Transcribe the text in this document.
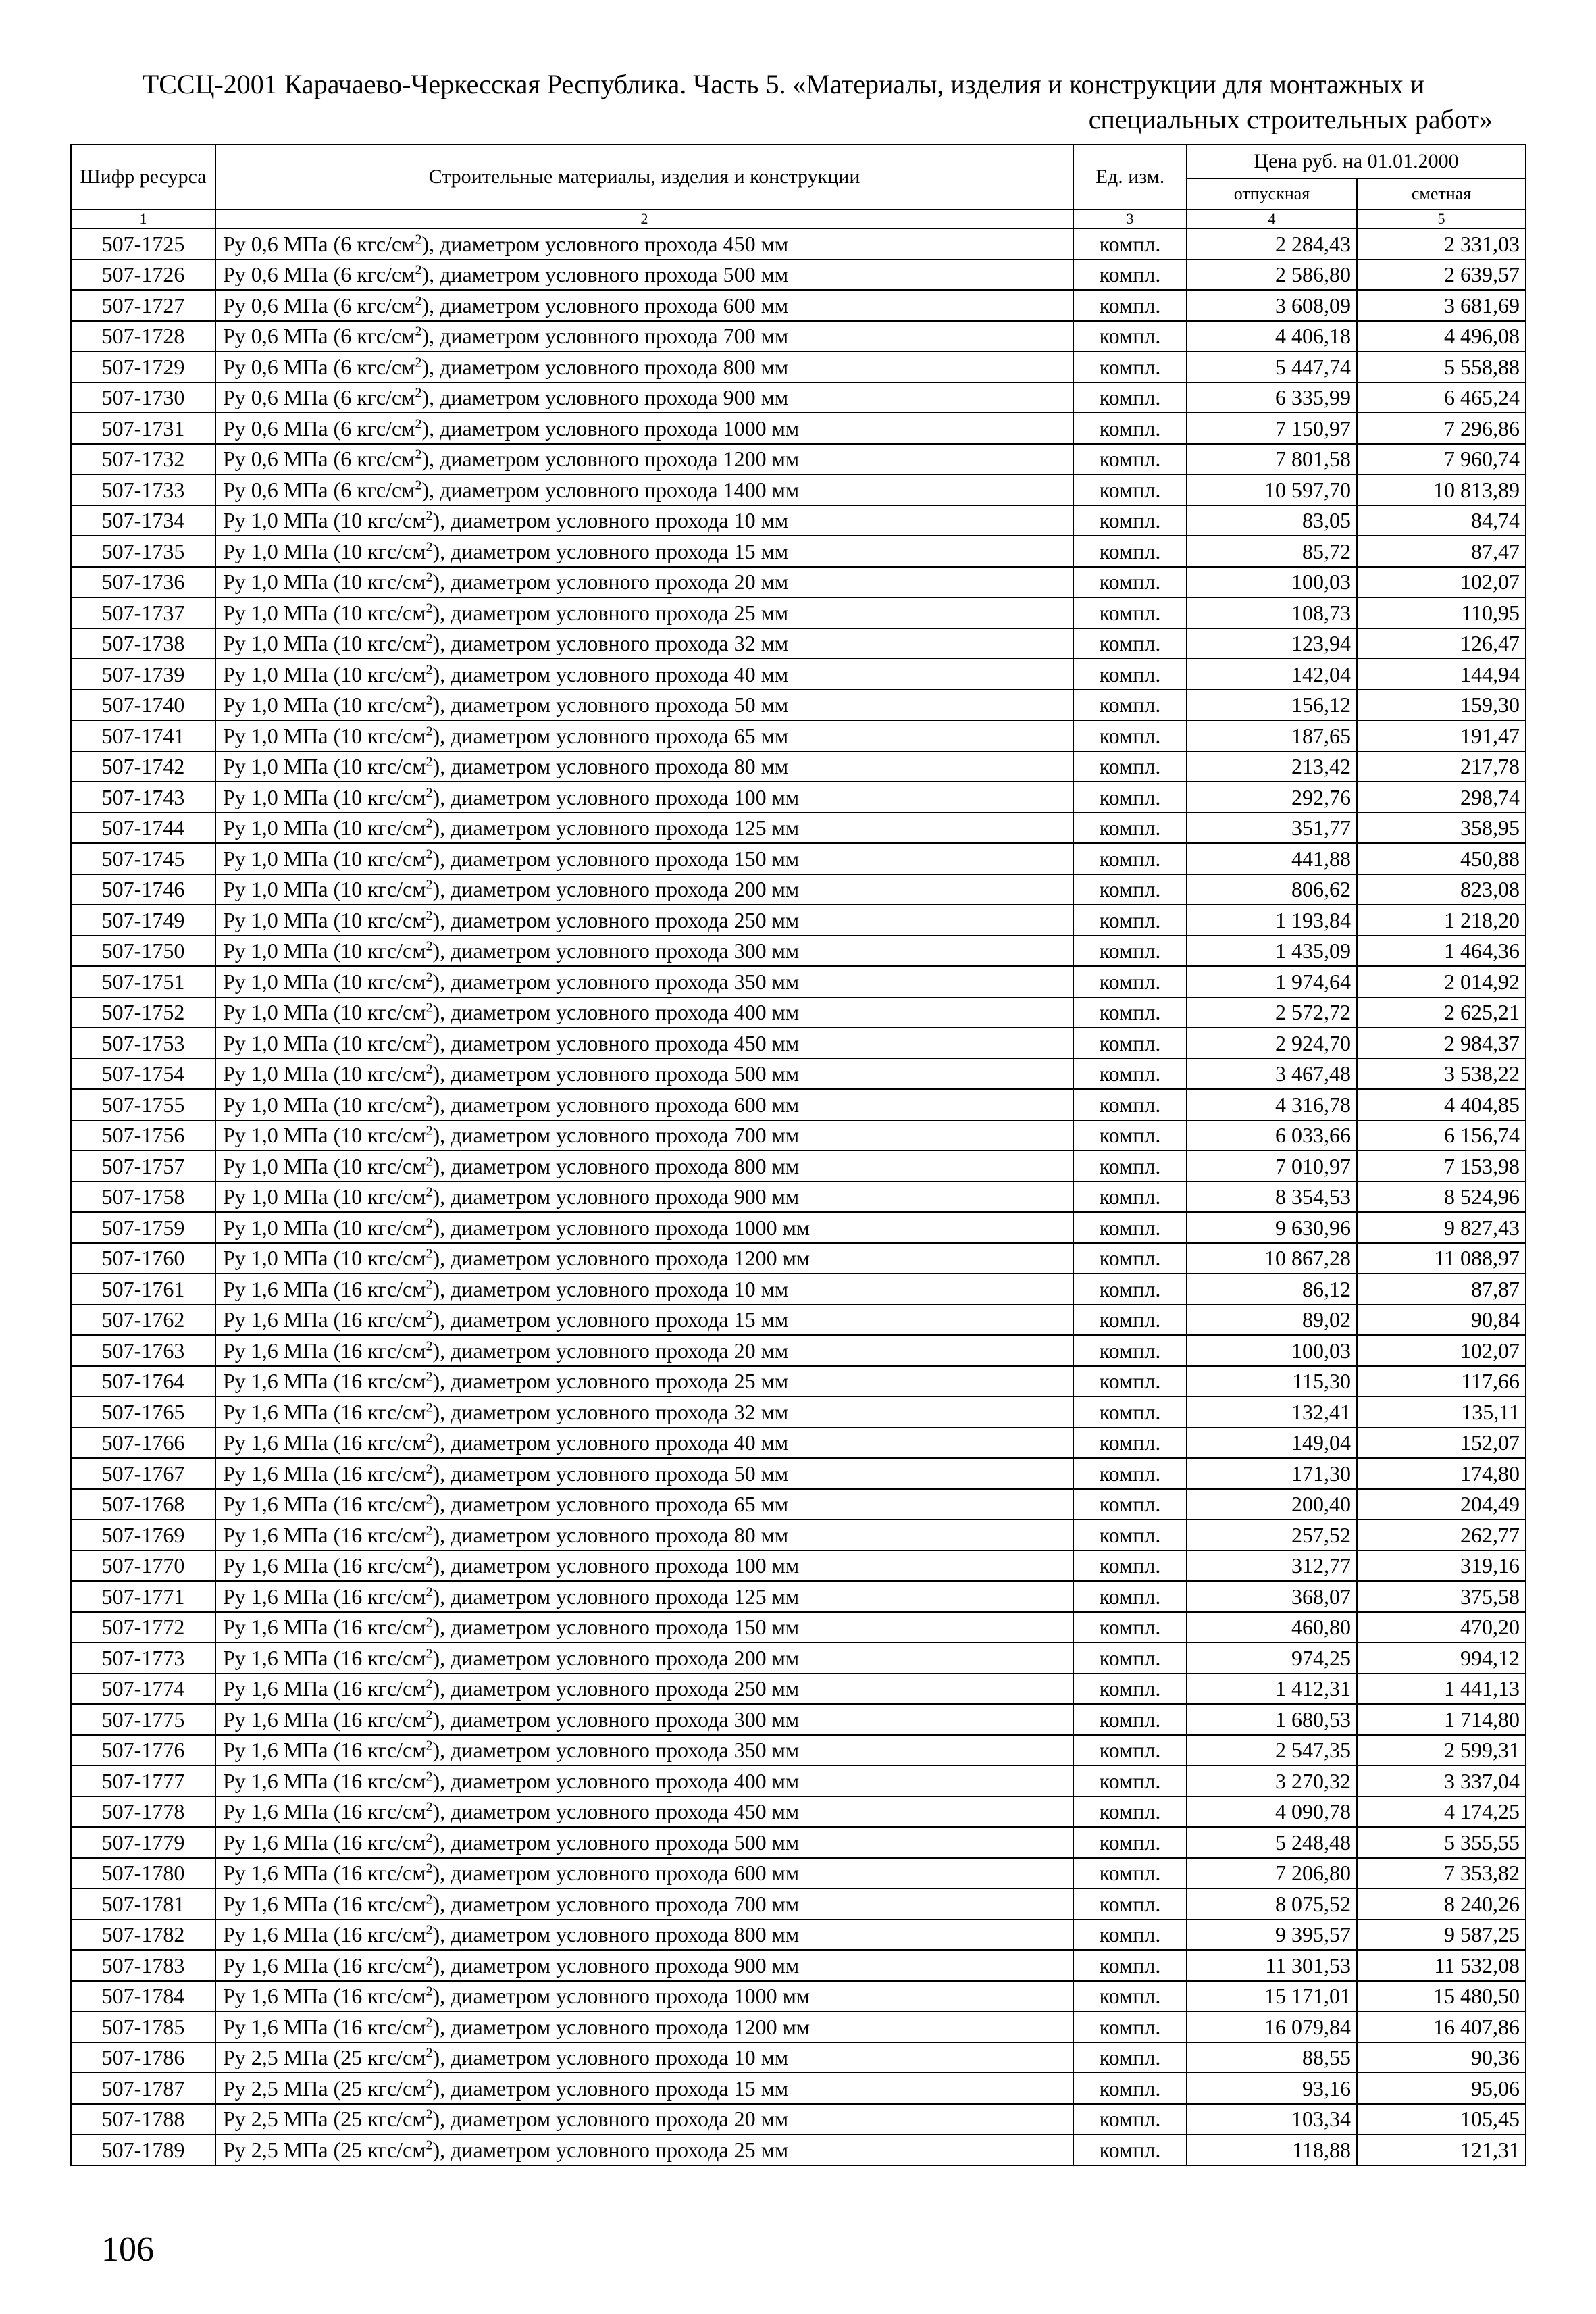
ТССЦ-2001 Карачаево-Черкесская Республика. Часть 5. «Материалы, изделия и конструкции для монтажных и
специальных строительных работ»
Шифр ресурса	Строительные материалы, изделия и конструкции	Ед. изм.	Цена руб. на 01.01.2000	
			отпускная	сметная
1	2	3	4	5
507-1725	Ру 0,6 МПа (6 кгс/$см^2$), диаметром условного прохода 450 мм	компл.	2 284,43	2 331,03
507-1726	Ру 0,6 МПа (6 кгс/$см^2$), диаметром условного прохода 500 мм	компл.	2 586,80	2 639,57
507-1727	Ру 0,6 МПа (6 кгс/$см^2$), диаметром условного прохода 600 мм	компл.	3 608,09	3 681,69
507-1728	Ру 0,6 МПа (6 кгс/$см^2$), диаметром условного прохода 700 мм	компл.	4 406,18	4 496,08
507-1729	Ру 0,6 МПа (6 кгс/$см^2$), диаметром условного прохода 800 мм	компл.	5 447,74	5 558,88
507-1730	Ру 0,6 МПа (6 кгс/$см^2$), диаметром условного прохода 900 мм	компл.	6 335,99	6 465,24
507-1731	Ру 0,6 МПа (6 кгс/$см^2$), диаметром условного прохода 1000 мм	компл.	7 150,97	7 296,86
507-1732	Ру 0,6 МПа (6 кгс/$см^2$), диаметром условного прохода 1200 мм	компл.	7 801,58	7 960,74
507-1733	Ру 0,6 МПа (6 кгс/$см^2$), диаметром условного прохода 1400 мм	компл.	10 597,70	10 813,89
507-1734	Ру 1,0 МПа (10 кгс/$см^2$), диаметром условного прохода 10 мм	компл.	83,05	84,74
507-1735	Ру 1,0 МПа (10 кгс/$см^2$), диаметром условного прохода 15 мм	компл.	85,72	87,47
507-1736	Ру 1,0 МПа (10 кгс/$см^2$), диаметром условного прохода 20 мм	компл.	100,03	102,07
507-1737	Ру 1,0 МПа (10 кгс/$см^2$), диаметром условного прохода 25 мм	компл.	108,73	110,95
507-1738	Ру 1,0 МПа (10 кгс/$см^2$), диаметром условного прохода 32 мм	компл.	123,94	126,47
507-1739	Ру 1,0 МПа (10 кгс/$см^2$), диаметром условного прохода 40 мм	компл.	142,04	144,94
507-1740	Ру 1,0 МПа (10 кгс/$см^2$), диаметром условного прохода 50 мм	компл.	156,12	159,30
507-1741	Ру 1,0 МПа (10 кгс/$см^2$), диаметром условного прохода 65 мм	компл.	187,65	191,47
507-1742	Ру 1,0 МПа (10 кгс/$см^2$), диаметром условного прохода 80 мм	компл.	213,42	217,78
507-1743	Ру 1,0 МПа (10 кгс/$см^2$), диаметром условного прохода 100 мм	компл.	292,76	298,74
507-1744	Ру 1,0 МПа (10 кгс/$см^2$), диаметром условного прохода 125 мм	компл.	351,77	358,95
507-1745	Ру 1,0 МПа (10 кгс/$см^2$), диаметром условного прохода 150 мм	компл.	441,88	450,88
507-1746	Ру 1,0 МПа (10 кгс/$см^2$), диаметром условного прохода 200 мм	компл.	806,62	823,08
507-1749	Ру 1,0 МПа (10 кгс/$см^2$), диаметром условного прохода 250 мм	компл.	1 193,84	1 218,20
507-1750	Ру 1,0 МПа (10 кгс/$см^2$), диаметром условного прохода 300 мм	компл.	1 435,09	1 464,36
507-1751	Ру 1,0 МПа (10 кгс/$см^2$), диаметром условного прохода 350 мм	компл.	1 974,64	2 014,92
507-1752	Ру 1,0 МПа (10 кгс/$см^2$), диаметром условного прохода 400 мм	компл.	2 572,72	2 625,21
507-1753	Ру 1,0 МПа (10 кгс/$см^2$), диаметром условного прохода 450 мм	компл.	2 924,70	2 984,37
507-1754	Ру 1,0 МПа (10 кгс/$см^2$), диаметром условного прохода 500 мм	компл.	3 467,48	3 538,22
507-1755	Ру 1,0 МПа (10 кгс/$см^2$), диаметром условного прохода 600 мм	компл.	4 316,78	4 404,85
507-1756	Ру 1,0 МПа (10 кгс/$см^2$), диаметром условного прохода 700 мм	компл.	6 033,66	6 156,74
507-1757	Ру 1,0 МПа (10 кгс/$см^2$), диаметром условного прохода 800 мм	компл.	7 010,97	7 153,98
507-1758	Ру 1,0 МПа (10 кгс/$см^2$), диаметром условного прохода 900 мм	компл.	8 354,53	8 524,96
507-1759	Ру 1,0 МПа (10 кгс/$см^2$), диаметром условного прохода 1000 мм	компл.	9 630,96	9 827,43
507-1760	Ру 1,0 МПа (10 кгс/$см^2$), диаметром условного прохода 1200 мм	компл.	10 867,28	11 088,97
507-1761	Ру 1,6 МПа (16 кгс/$см^2$), диаметром условного прохода 10 мм	компл.	86,12	87,87
507-1762	Ру 1,6 МПа (16 кгс/$см^2$), диаметром условного прохода 15 мм	компл.	89,02	90,84
507-1763	Ру 1,6 МПа (16 кгс/$см^2$), диаметром условного прохода 20 мм	компл.	100,03	102,07
507-1764	Ру 1,6 МПа (16 кгс/$см^2$), диаметром условного прохода 25 мм	компл.	115,30	117,66
507-1765	Ру 1,6 МПа (16 кгс/$см^2$), диаметром условного прохода 32 мм	компл.	132,41	135,11
507-1766	Ру 1,6 МПа (16 кгс/$см^2$), диаметром условного прохода 40 мм	компл.	149,04	152,07
507-1767	Ру 1,6 МПа (16 кгс/$см^2$), диаметром условного прохода 50 мм	компл.	171,30	174,80
507-1768	Ру 1,6 МПа (16 кгс/$см^2$), диаметром условного прохода 65 мм	компл.	200,40	204,49
507-1769	Ру 1,6 МПа (16 кгс/$см^2$), диаметром условного прохода 80 мм	компл.	257,52	262,77
507-1770	Ру 1,6 МПа (16 кгс/$см^2$), диаметром условного прохода 100 мм	компл.	312,77	319,16
507-1771	Ру 1,6 МПа (16 кгс/$см^2$), диаметром условного прохода 125 мм	компл.	368,07	375,58
507-1772	Ру 1,6 МПа (16 кгс/$см^2$), диаметром условного прохода 150 мм	компл.	460,80	470,20
507-1773	Ру 1,6 МПа (16 кгс/$см^2$), диаметром условного прохода 200 мм	компл.	974,25	994,12
507-1774	Ру 1,6 МПа (16 кгс/$см^2$), диаметром условного прохода 250 мм	компл.	1 412,31	1 441,13
507-1775	Ру 1,6 МПа (16 кгс/$см^2$), диаметром условного прохода 300 мм	компл.	1 680,53	1 714,80
507-1776	Ру 1,6 МПа (16 кгс/$см^2$), диаметром условного прохода 350 мм	компл.	2 547,35	2 599,31
507-1777	Ру 1,6 МПа (16 кгс/$см^2$), диаметром условного прохода 400 мм	компл.	3 270,32	3 337,04
507-1778	Ру 1,6 МПа (16 кгс/$см^2$), диаметром условного прохода 450 мм	компл.	4 090,78	4 174,25
507-1779	Ру 1,6 МПа (16 кгс/$см^2$), диаметром условного прохода 500 мм	компл.	5 248,48	5 355,55
507-1780	Ру 1,6 МПа (16 кгс/$см^2$), диаметром условного прохода 600 мм	компл.	7 206,80	7 353,82
507-1781	Ру 1,6 МПа (16 кгс/$см^2$), диаметром условного прохода 700 мм	компл.	8 075,52	8 240,26
507-1782	Ру 1,6 МПа (16 кгс/$см^2$), диаметром условного прохода 800 мм	компл.	9 395,57	9 587,25
507-1783	Ру 1,6 МПа (16 кгс/$см^2$), диаметром условного прохода 900 мм	компл.	11 301,53	11 532,08
507-1784	Ру 1,6 МПа (16 кгс/$см^2$), диаметром условного прохода 1000 мм	компл.	15 171,01	15 480,50
507-1785	Ру 1,6 МПа (16 кгс/$см^2$), диаметром условного прохода 1200 мм	компл.	16 079,84	16 407,86
507-1786	Ру 2,5 МПа (25 кгс/$см^2$), диаметром условного прохода 10 мм	компл.	88,55	90,36
507-1787	Ру 2,5 МПа (25 кгс/$см^2$), диаметром условного прохода 15 мм	компл.	93,16	95,06
507-1788	Ру 2,5 МПа (25 кгс/$см^2$), диаметром условного прохода 20 мм	компл.	103,34	105,45
507-1789	Ру 2,5 МПа (25 кгс/$см^2$), диаметром условного прохода 25 мм	компл.	118,88	121,31
106
